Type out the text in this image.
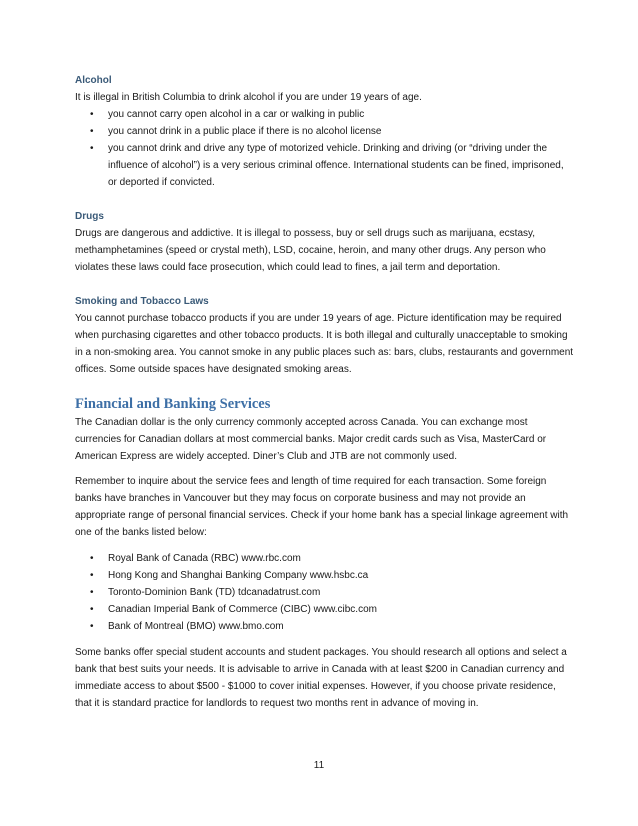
Alcohol

It is illegal in British Columbia to drink alcohol if you are under 19 years of age.

• you cannot carry open alcohol in a car or walking in public
• you cannot drink in a public place if there is no alcohol license
• you cannot drink and drive any type of motorized vehicle. Drinking and driving (or “driving under the influence of alcohol”) is a very serious criminal offence. International students can be fined, imprisoned, or deported if convicted.

Drugs

Drugs are dangerous and addictive. It is illegal to possess, buy or sell drugs such as marijuana, ecstasy, methamphetamines (speed or crystal meth), LSD, cocaine, heroin, and many other drugs. Any person who violates these laws could face prosecution, which could lead to fines, a jail term and deportation.

Smoking and Tobacco Laws

You cannot purchase tobacco products if you are under 19 years of age. Picture identification may be required when purchasing cigarettes and other tobacco products. It is both illegal and culturally unacceptable to smoking in a non-smoking area. You cannot smoke in any public places such as: bars, clubs, restaurants and government offices. Some outside spaces have designated smoking areas.

Financial and Banking Services

The Canadian dollar is the only currency commonly accepted across Canada. You can exchange most currencies for Canadian dollars at most commercial banks. Major credit cards such as Visa, MasterCard or American Express are widely accepted. Diner’s Club and JTB are not commonly used.

Remember to inquire about the service fees and length of time required for each transaction. Some foreign banks have branches in Vancouver but they may focus on corporate business and may not provide an appropriate range of personal financial services. Check if your home bank has a special linkage agreement with one of the banks listed below:

• Royal Bank of Canada (RBC) www.rbc.com
• Hong Kong and Shanghai Banking Company www.hsbc.ca
• Toronto-Dominion Bank (TD) tdcanadatrust.com
• Canadian Imperial Bank of Commerce (CIBC) www.cibc.com
• Bank of Montreal (BMO) www.bmo.com

Some banks offer special student accounts and student packages. You should research all options and select a bank that best suits your needs. It is advisable to arrive in Canada with at least $200 in Canadian currency and immediate access to about $500 - $1000 to cover initial expenses. However, if you choose private residence, that it is standard practice for landlords to request two months rent in advance of moving in.

11
